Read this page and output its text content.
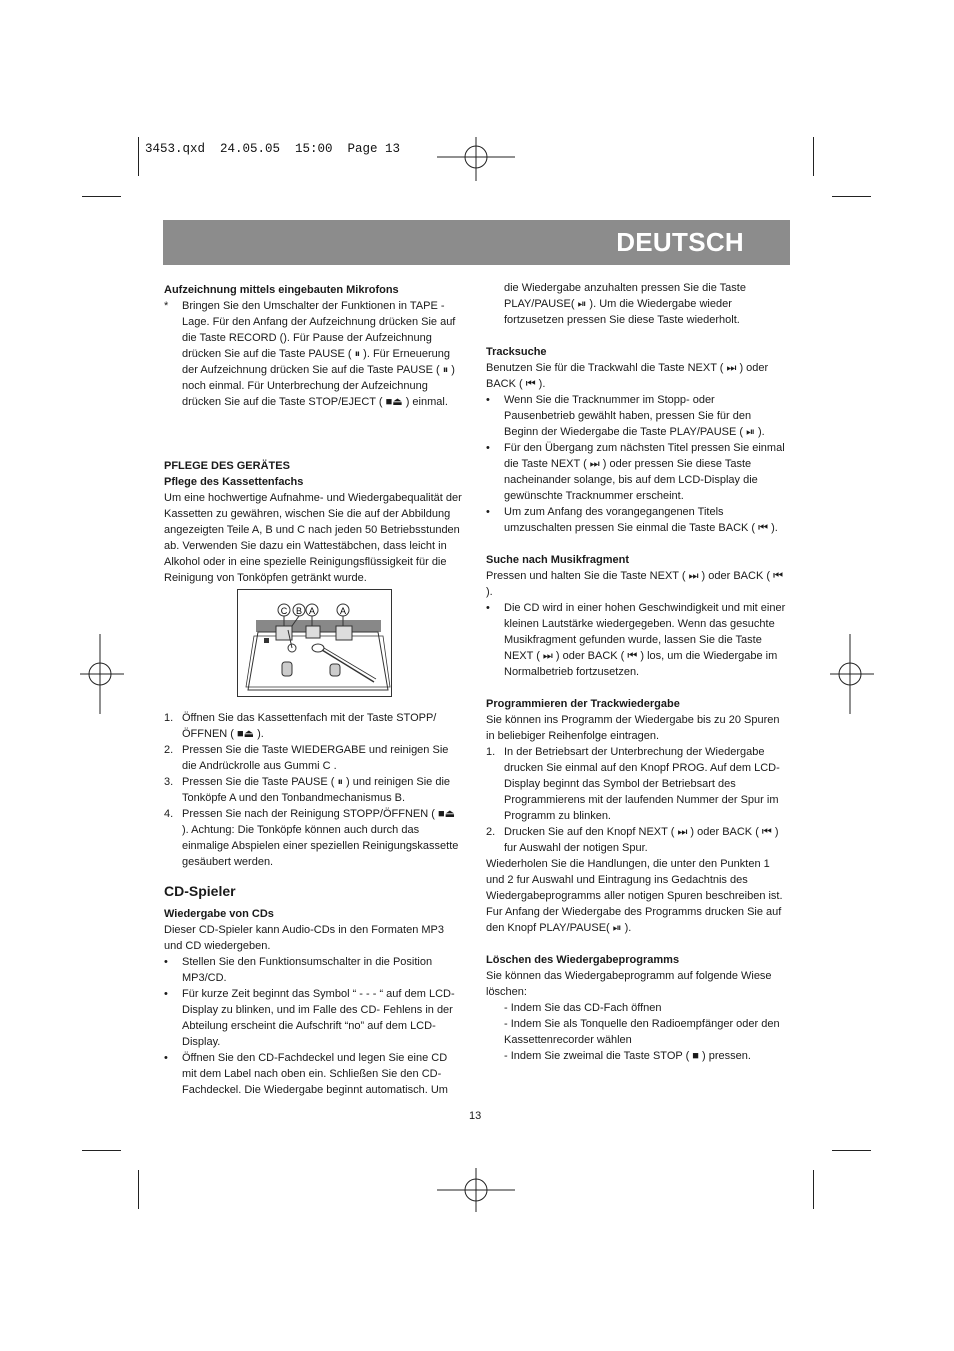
3453.qxd  24.05.05  15:00  Page 13
DEUTSCH

Aufzeichnung mittels eingebauten Mikrofons

* Bringen Sie den Umschalter der Funktionen in TAPE -Lage. Für den Anfang der Aufzeichnung drücken Sie auf die Taste RECORD (). Für Pause der Aufzeichnung drücken Sie auf die Taste PAUSE ( ⏸ ). Für Erneuerung der Aufzeichnung drücken Sie auf die Taste PAUSE ( ⏸ ) noch einmal. Für Unterbrechung der Aufzeichnung drücken Sie auf die Taste STOP/EJECT ( ■⏏ ) einmal.

PFLEGE DES GERÄTES

Pflege des Kassettenfachs

Um eine hochwertige Aufnahme- und Wiedergabequalität der Kassetten zu gewähren, wischen Sie die auf der Abbildung angezeigten Teile A, B und C nach jeden 50 Betriebsstunden ab. Verwenden Sie dazu ein Wattestäbchen, dass leicht in Alkohol oder in eine spezielle Reinigungsflüssigkeit für die Reinigung von Tonköpfen getränkt wurde.

C B A	A
1. Öffnen Sie das Kassettenfach mit der Taste STOPP/ÖFFNEN ( ■⏏ ).
2. Pressen Sie die Taste WIEDERGABE und reinigen Sie die Andrückrolle aus Gummi C .
3. Pressen Sie die Taste PAUSE ( ⏸ ) und reinigen Sie die Tonköpfe A und den Tonbandmechanismus B.
4. Pressen Sie nach der Reinigung STOPP/ÖFFNEN ( ■⏏ ). Achtung: Die Tonköpfe können auch durch das einmalige Abspielen einer speziellen Reinigungskassette gesäubert werden.

CD-Spieler

Wiedergabe von CDs

Dieser CD-Spieler kann Audio-CDs in den Formaten MP3 und CD wiedergeben.

• Stellen Sie den Funktionsumschalter in die Position MP3/CD.
• Für kurze Zeit beginnt das Symbol “ - - - “ auf dem LCD-Display zu blinken, und im Falle des CD- Fehlens in der Abteilung erscheint die Aufschrift “no” auf dem LCD-Display.
• Öffnen Sie den CD-Fachdeckel und legen Sie eine CD mit dem Label nach oben ein. Schließen Sie den CD-Fachdeckel. Die Wiedergabe beginnt automatisch. Um

die Wiedergabe anzuhalten pressen Sie die Taste PLAY/PAUSE( ⏯ ). Um die Wiedergabe wieder fortzusetzen pressen Sie diese Taste wiederholt.

Tracksuche

Benutzen Sie für die Trackwahl die Taste NEXT ( ⏭ ) oder BACK ( ⏮ ).

• Wenn Sie die Tracknummer im Stopp- oder Pausenbetrieb gewählt haben, pressen Sie für den Beginn der Wiedergabe die Taste PLAY/PAUSE ( ⏯ ).
• Für den Übergang zum nächsten Titel pressen Sie einmal die Taste NEXT ( ⏭ ) oder pressen Sie diese Taste nacheinander solange, bis auf dem LCD-Display die gewünschte Tracknummer erscheint.
• Um zum Anfang des vorangegangenen Titels umzuschalten pressen Sie einmal die Taste BACK ( ⏮ ).

Suche nach Musikfragment

Pressen und halten Sie die Taste NEXT ( ⏭ ) oder BACK ( ⏮ ).

• Die CD wird in einer hohen Geschwindigkeit und mit einer kleinen Lautstärke wiedergegeben. Wenn das gesuchte Musikfragment gefunden wurde, lassen Sie die Taste NEXT ( ⏭ ) oder BACK ( ⏮ ) los, um die Wiedergabe im Normalbetrieb fortzusetzen.

Programmieren der Trackwiedergabe

Sie können ins Programm der Wiedergabe bis zu 20 Spuren in beliebiger Reihenfolge eintragen.

1. In der Betriebsart der Unterbrechung der Wiedergabe drucken Sie einmal auf den Knopf PROG. Auf dem LCD-Display beginnt das Symbol der Betriebsart des Programmierens mit der laufenden Nummer der Spur im Programm zu blinken.
2. Drucken Sie auf den Knopf NEXT ( ⏭ ) oder BACK ( ⏮ ) fur Auswahl der notigen Spur.

Wiederholen Sie die Handlungen, die unter den Punkten 1 und 2 fur Auswahl und Eintragung ins Gedachtnis des Wiedergabeprogramms aller notigen Spuren beschreiben ist. Fur Anfang der Wiedergabe des Programms drucken Sie auf den Knopf PLAY/PAUSE( ⏯ ).

Löschen des Wiedergabeprogramms

Sie können das Wiedergabeprogramm auf folgende Wiese löschen:

- Indem Sie das CD-Fach öffnen

- Indem Sie als Tonquelle den Radioempfänger oder den Kassettenrecorder wählen

- Indem Sie zweimal die Taste STOP ( ■ ) pressen.

13
